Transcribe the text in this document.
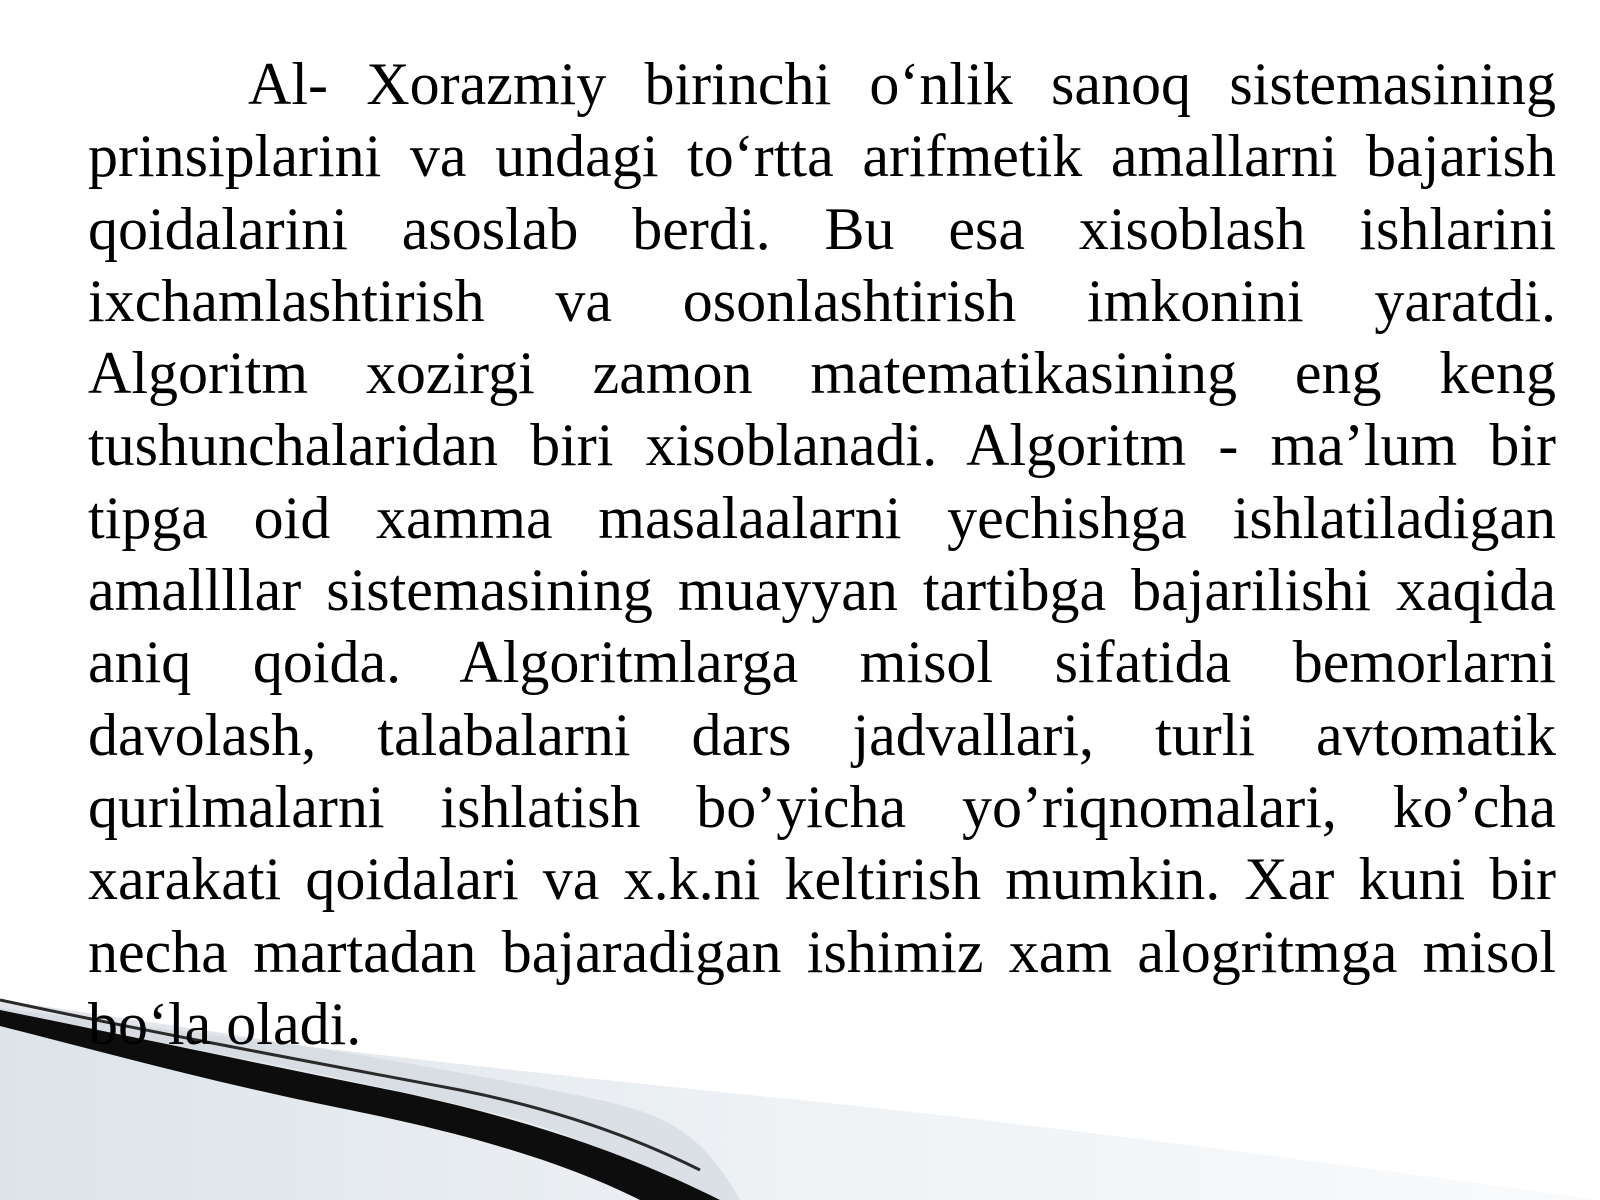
Al- Xorazmiy birinchi o‘nlik sanoq sistemasining prinsiplarini va undagi to‘rtta arifmetik amallarni bajarish qoidalarini asoslab berdi. Bu esa xisoblash ishlarini ixchamlashtirish va osonlashtirish imkonini yaratdi. Algoritm xozirgi zamon matematikasining eng keng tushunchalaridan biri xisoblanadi. Algoritm - ma’lum bir tipga oid xamma masalaalarni yechishga ishlatiladigan amallllar sistemasining muayyan tartibga bajarilishi xaqida aniq qoida. Algoritmlarga misol sifatida bemorlarni davolash, talabalarni dars jadvallari, turli avtomatik qurilmalarni ishlatish bo’yicha yo’riqnomalari, ko’cha xarakati qoidalari va x.k.ni keltirish mumkin. Xar kuni bir necha martadan bajaradigan ishimiz xam alogritmga misol bo‘la oladi.
